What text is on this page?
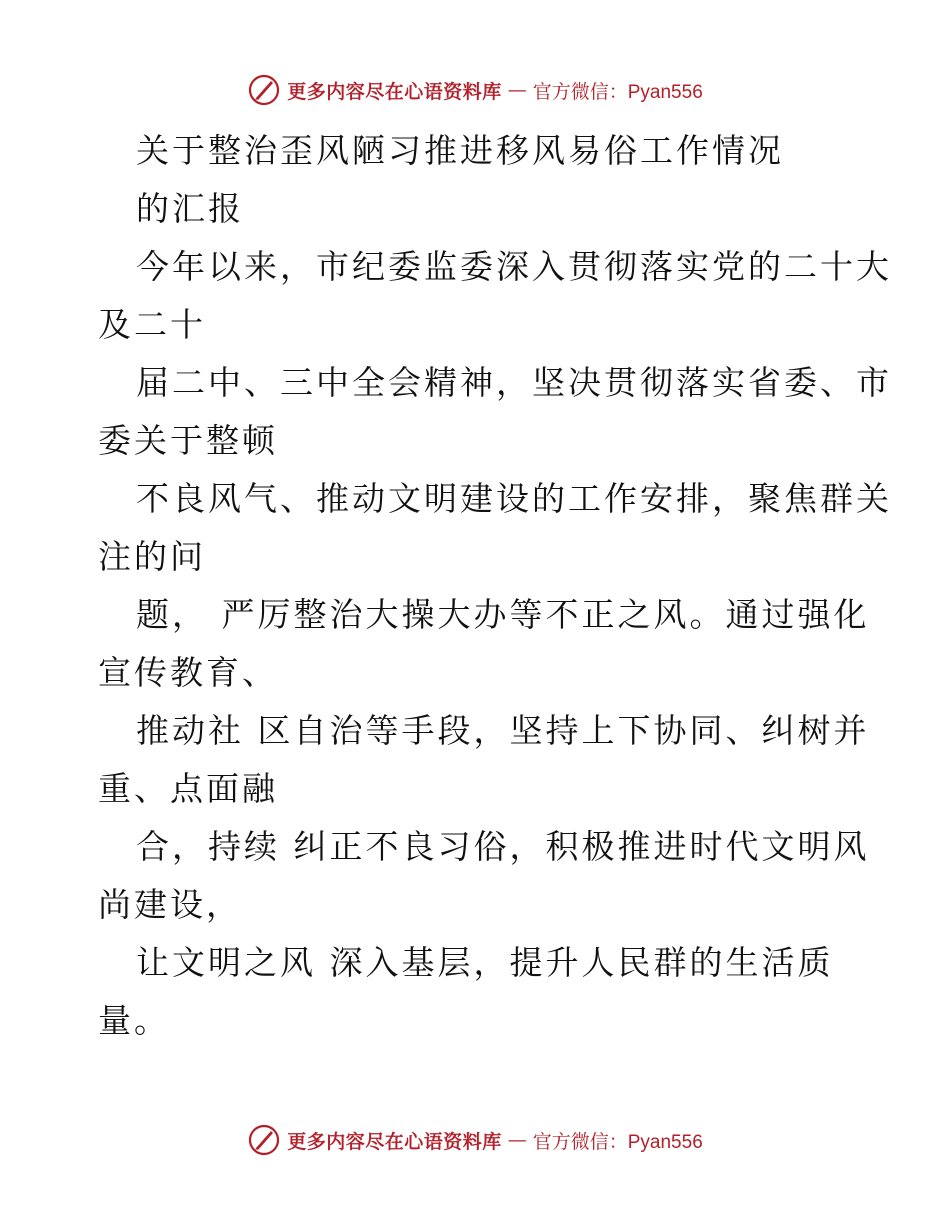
更多内容尽在心语资料库 — 官方微信：Pyan556
关于整治歪风陋习推进移风易俗工作情况
的汇报
今年以来，市纪委监委深入贯彻落实党的二十大
及二十
届二中、三中全会精神，坚决贯彻落实省委、市
委关于整顿
不良风气、推动文明建设的工作安排，聚焦群关
注的问
题， 严厉整治大操大办等不正之风。通过强化
宣传教育、
推动社 区自治等手段，坚持上下协同、纠树并
重、点面融
合，持续 纠正不良习俗，积极推进时代文明风
尚建设，
让文明之风 深入基层，提升人民群的生活质
量。
更多内容尽在心语资料库 — 官方微信：Pyan556
